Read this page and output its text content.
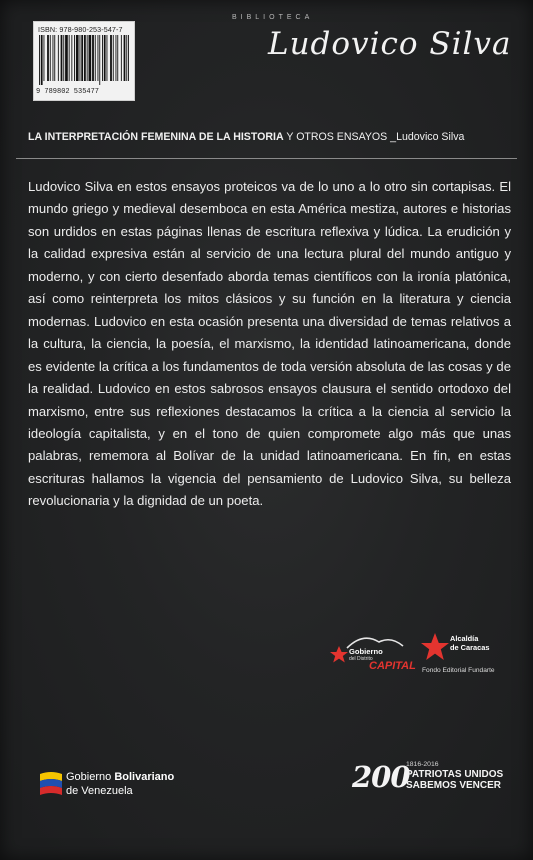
ISBN: 978-980-253-547-7
9 789802 535477
BIBLIOTECA
Ludovico Silva
LA INTERPRETACIÓN FEMENINA DE LA HISTORIA Y OTROS ENSAYOS _Ludovico Silva
Ludovico Silva en estos ensayos proteicos va de lo uno a lo otro sin cortapisas. El mundo griego y medieval desemboca en esta América mestiza, autores e historias son urdidos en estas páginas llenas de escritura reflexiva y lúdica. La erudición y la calidad expresiva están al servicio de una lectura plural del mundo antiguo y moderno, y con cierto desenfado aborda temas científicos con la ironía platónica, así como reinterpreta los mitos clásicos y su función en la literatura y ciencia modernas. Ludovico en esta ocasión presenta una diversidad de temas relativos a la cultura, la ciencia, la poesía, el marxismo, la identidad latinoamericana, donde es evidente la crítica a los fundamentos de toda versión absoluta de las cosas y de la realidad. Ludovico en estos sabrosos ensayos clausura el sentido ortodoxo del marxismo, entre sus reflexiones destacamos la crítica a la ciencia al servicio la ideología capitalista, y en el tono de quien compromete algo más que unas palabras, rememora al Bolívar de la unidad latinoamericana. En fin, en estas escrituras hallamos la vigencia del pensamiento de Ludovico Silva, su belleza revolucionaria y la dignidad de un poeta.
Gobierno
del Distrito
CAPITAL
Alcaldía
de Caracas
Fondo Editorial Fundarte
Gobierno Bolivariano
de Venezuela	200
1816-2016
PATRIOTAS UNIDOS
SABEMOS VENCER
